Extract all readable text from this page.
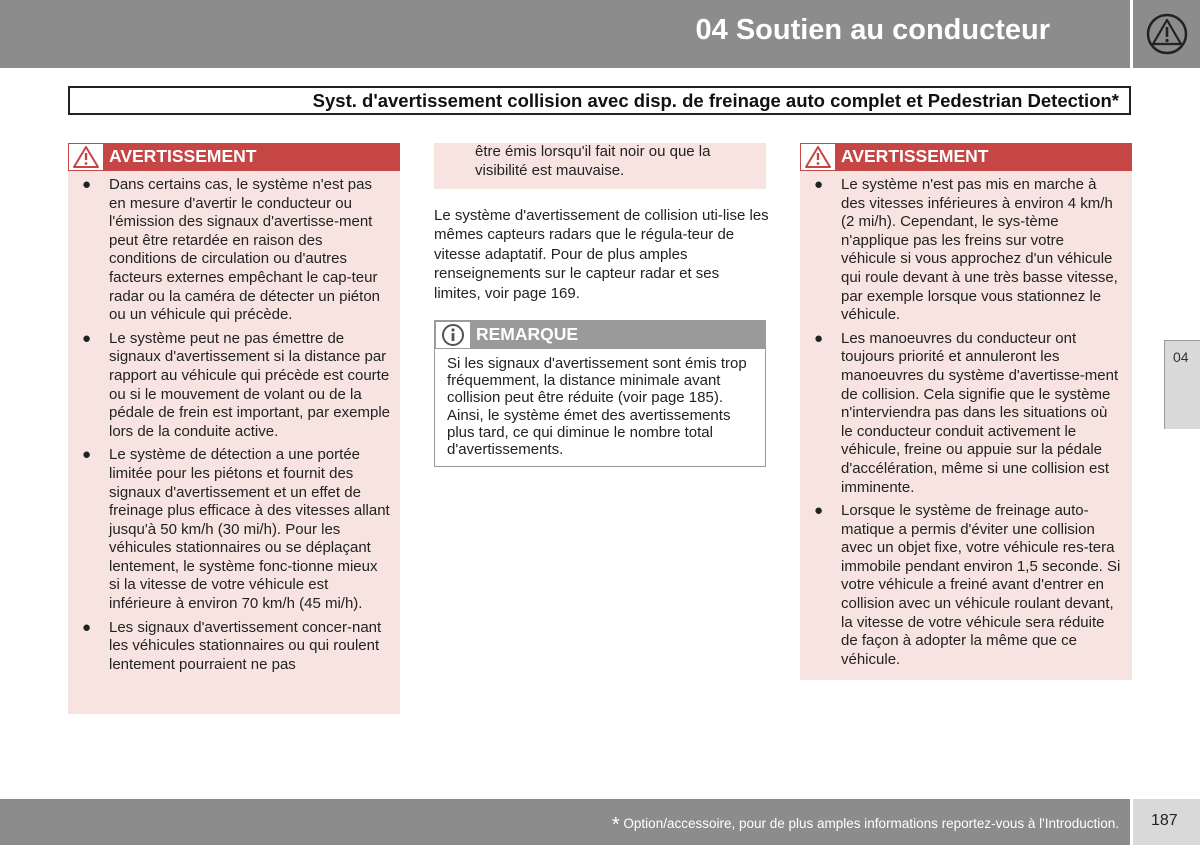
04 Soutien au conducteur
Syst. d'avertissement collision avec disp. de freinage auto complet et Pedestrian Detection*
AVERTISSEMENT
● Dans certains cas, le système n'est pas en mesure d'avertir le conducteur ou l'émission des signaux d'avertisse-ment peut être retardée en raison des conditions de circulation ou d'autres facteurs externes empêchant le cap-teur radar ou la caméra de détecter un piéton ou un véhicule qui précède.
● Le système peut ne pas émettre de signaux d'avertissement si la distance par rapport au véhicule qui précède est courte ou si le mouvement de volant ou de la pédale de frein est important, par exemple lors de la conduite active.
● Le système de détection a une portée limitée pour les piétons et fournit des signaux d'avertissement et un effet de freinage plus efficace à des vitesses allant jusqu'à 50 km/h (30 mi/h). Pour les véhicules stationnaires ou se déplaçant lentement, le système fonc-tionne mieux si la vitesse de votre véhicule est inférieure à environ 70 km/h (45 mi/h).
● Les signaux d'avertissement concer-nant les véhicules stationnaires ou qui roulent lentement pourraient ne pas
être émis lorsqu'il fait noir ou que la visibilité est mauvaise.
Le système d'avertissement de collision uti-lise les mêmes capteurs radars que le régula-teur de vitesse adaptatif. Pour de plus amples renseignements sur le capteur radar et ses limites, voir page 169.
REMARQUE
Si les signaux d'avertissement sont émis trop fréquemment, la distance minimale avant collision peut être réduite (voir page 185). Ainsi, le système émet des avertissements plus tard, ce qui diminue le nombre total d'avertissements.
AVERTISSEMENT
● Le système n'est pas mis en marche à des vitesses inférieures à environ 4 km/h (2 mi/h). Cependant, le sys-tème n'applique pas les freins sur votre véhicule si vous approchez d'un véhicule qui roule devant à une très basse vitesse, par exemple lorsque vous stationnez le véhicule.
● Les manoeuvres du conducteur ont toujours priorité et annuleront les manoeuvres du système d'avertisse-ment de collision. Cela signifie que le système n'interviendra pas dans les situations où le conducteur conduit activement le véhicule, freine ou appuie sur la pédale d'accélération, même si une collision est imminente.
● Lorsque le système de freinage auto-matique a permis d'éviter une collision avec un objet fixe, votre véhicule res-tera immobile pendant environ 1,5 seconde. Si votre véhicule a freiné avant d'entrer en collision avec un véhicule roulant devant, la vitesse de votre véhicule sera réduite de façon à adopter la même que ce véhicule.
04
* Option/accessoire, pour de plus amples informations reportez-vous à l'Introduction. 187
